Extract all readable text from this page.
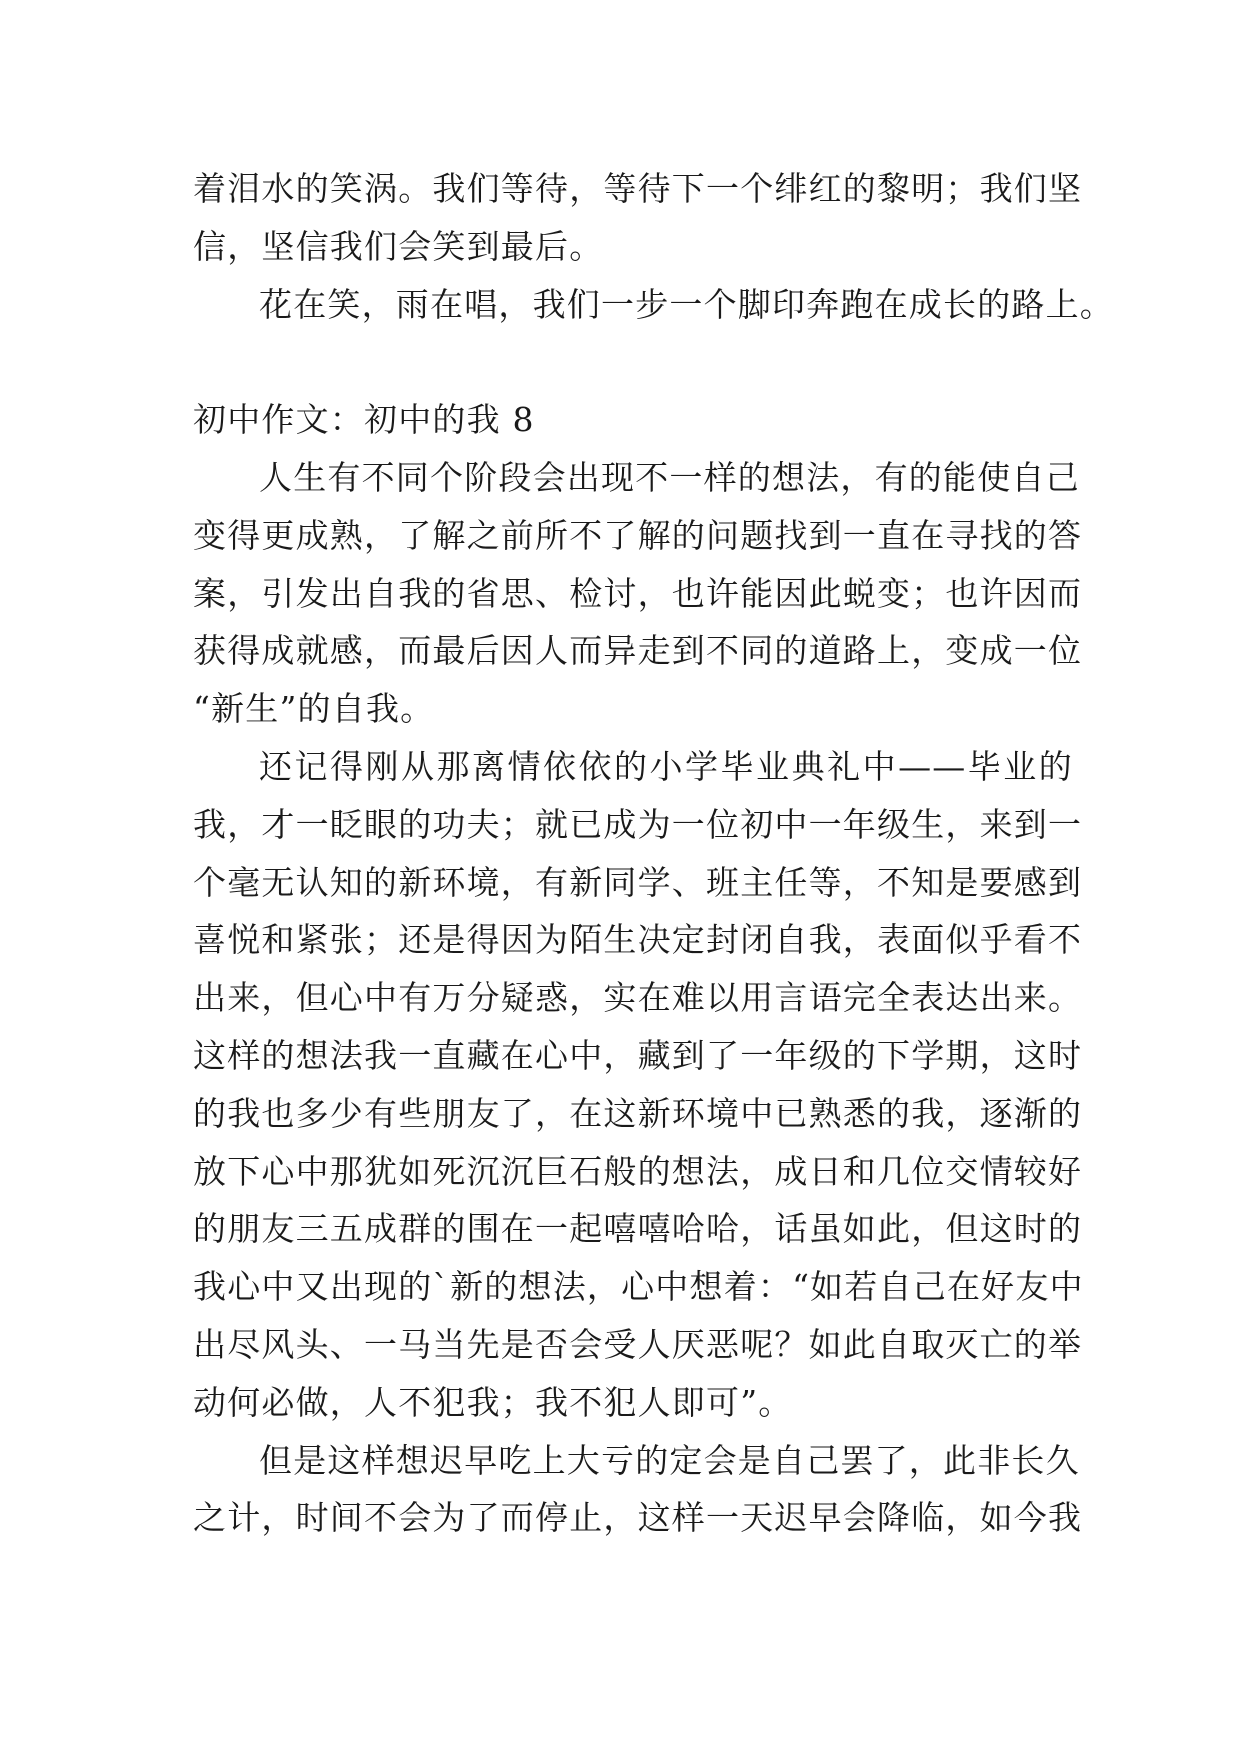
着泪水的笑涡。我们等待，等待下一个绯红的黎明；我们坚
信，坚信我们会笑到最后。
花在笑，雨在唱，我们一步一个脚印奔跑在成长的路上。
初中作文：初中的我 8
人生有不同个阶段会出现不一样的想法，有的能使自己
变得更成熟，了解之前所不了解的问题找到一直在寻找的答
案，引发出自我的省思、检讨，也许能因此蜕变；也许因而
获得成就感，而最后因人而异走到不同的道路上，变成一位
“新生”的自我。
还记得刚从那离情依依的小学毕业典礼中——毕业的
我，才一眨眼的功夫；就已成为一位初中一年级生，来到一
个毫无认知的新环境，有新同学、班主任等，不知是要感到
喜悦和紧张；还是得因为陌生决定封闭自我，表面似乎看不
出来，但心中有万分疑惑，实在难以用言语完全表达出来。
这样的想法我一直藏在心中，藏到了一年级的下学期，这时
的我也多少有些朋友了，在这新环境中已熟悉的我，逐渐的
放下心中那犹如死沉沉巨石般的想法，成日和几位交情较好
的朋友三五成群的围在一起嘻嘻哈哈，话虽如此，但这时的
我心中又出现的`新的想法，心中想着：“如若自己在好友中
出尽风头、一马当先是否会受人厌恶呢？如此自取灭亡的举
动何必做，人不犯我；我不犯人即可”。
但是这样想迟早吃上大亏的定会是自己罢了，此非长久
之计，时间不会为了而停止，这样一天迟早会降临，如今我
